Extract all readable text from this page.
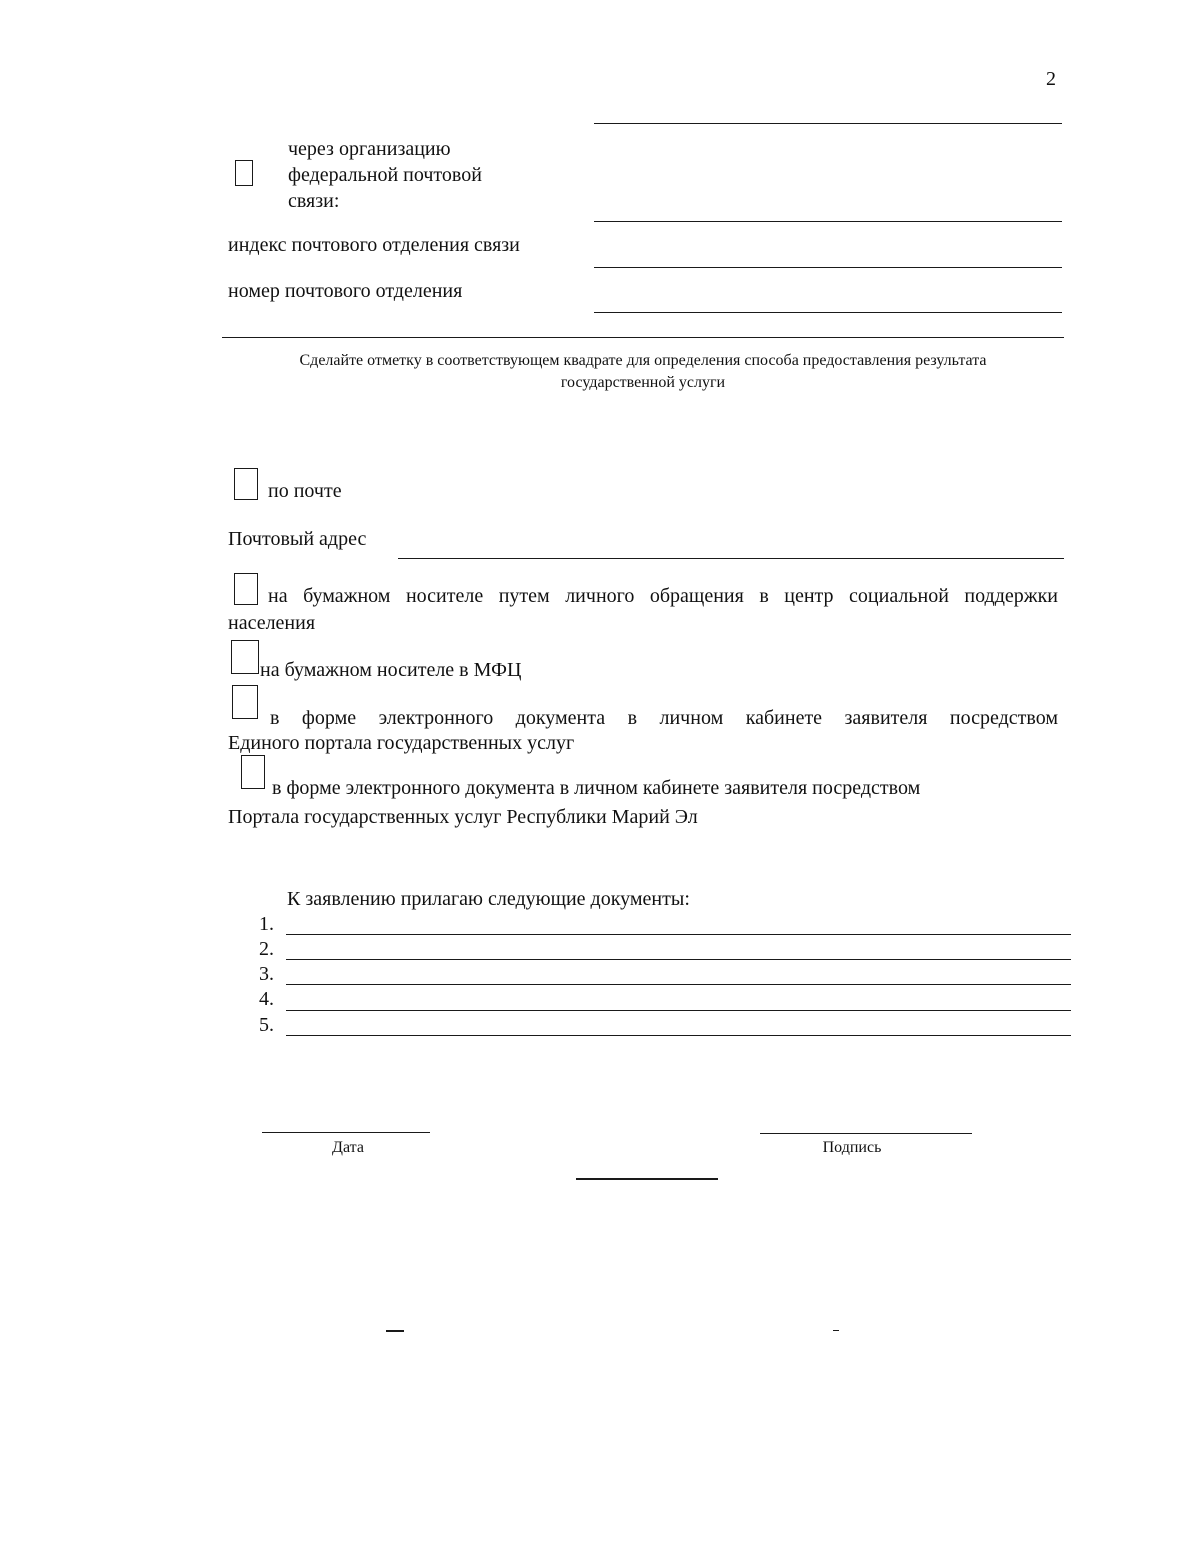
2
через организацию
федеральной почтовой
связи:
индекс почтового отделения связи
номер почтового отделения
Сделайте отметку в соответствующем квадрате для определения способа предоставления результата
государственной услуги
по почте
Почтовый адрес
на бумажном носителе путем личного обращения в центр социальной поддержки
населения
на бумажном носителе в МФЦ
в форме электронного документа в личном кабинете заявителя посредством
Единого портала государственных услуг
в форме электронного документа в личном кабинете заявителя посредством
Портала государственных услуг Республики Марий Эл
К заявлению прилагаю следующие документы:
1.
2.
3.
4.
5.
Дата	Подпись
